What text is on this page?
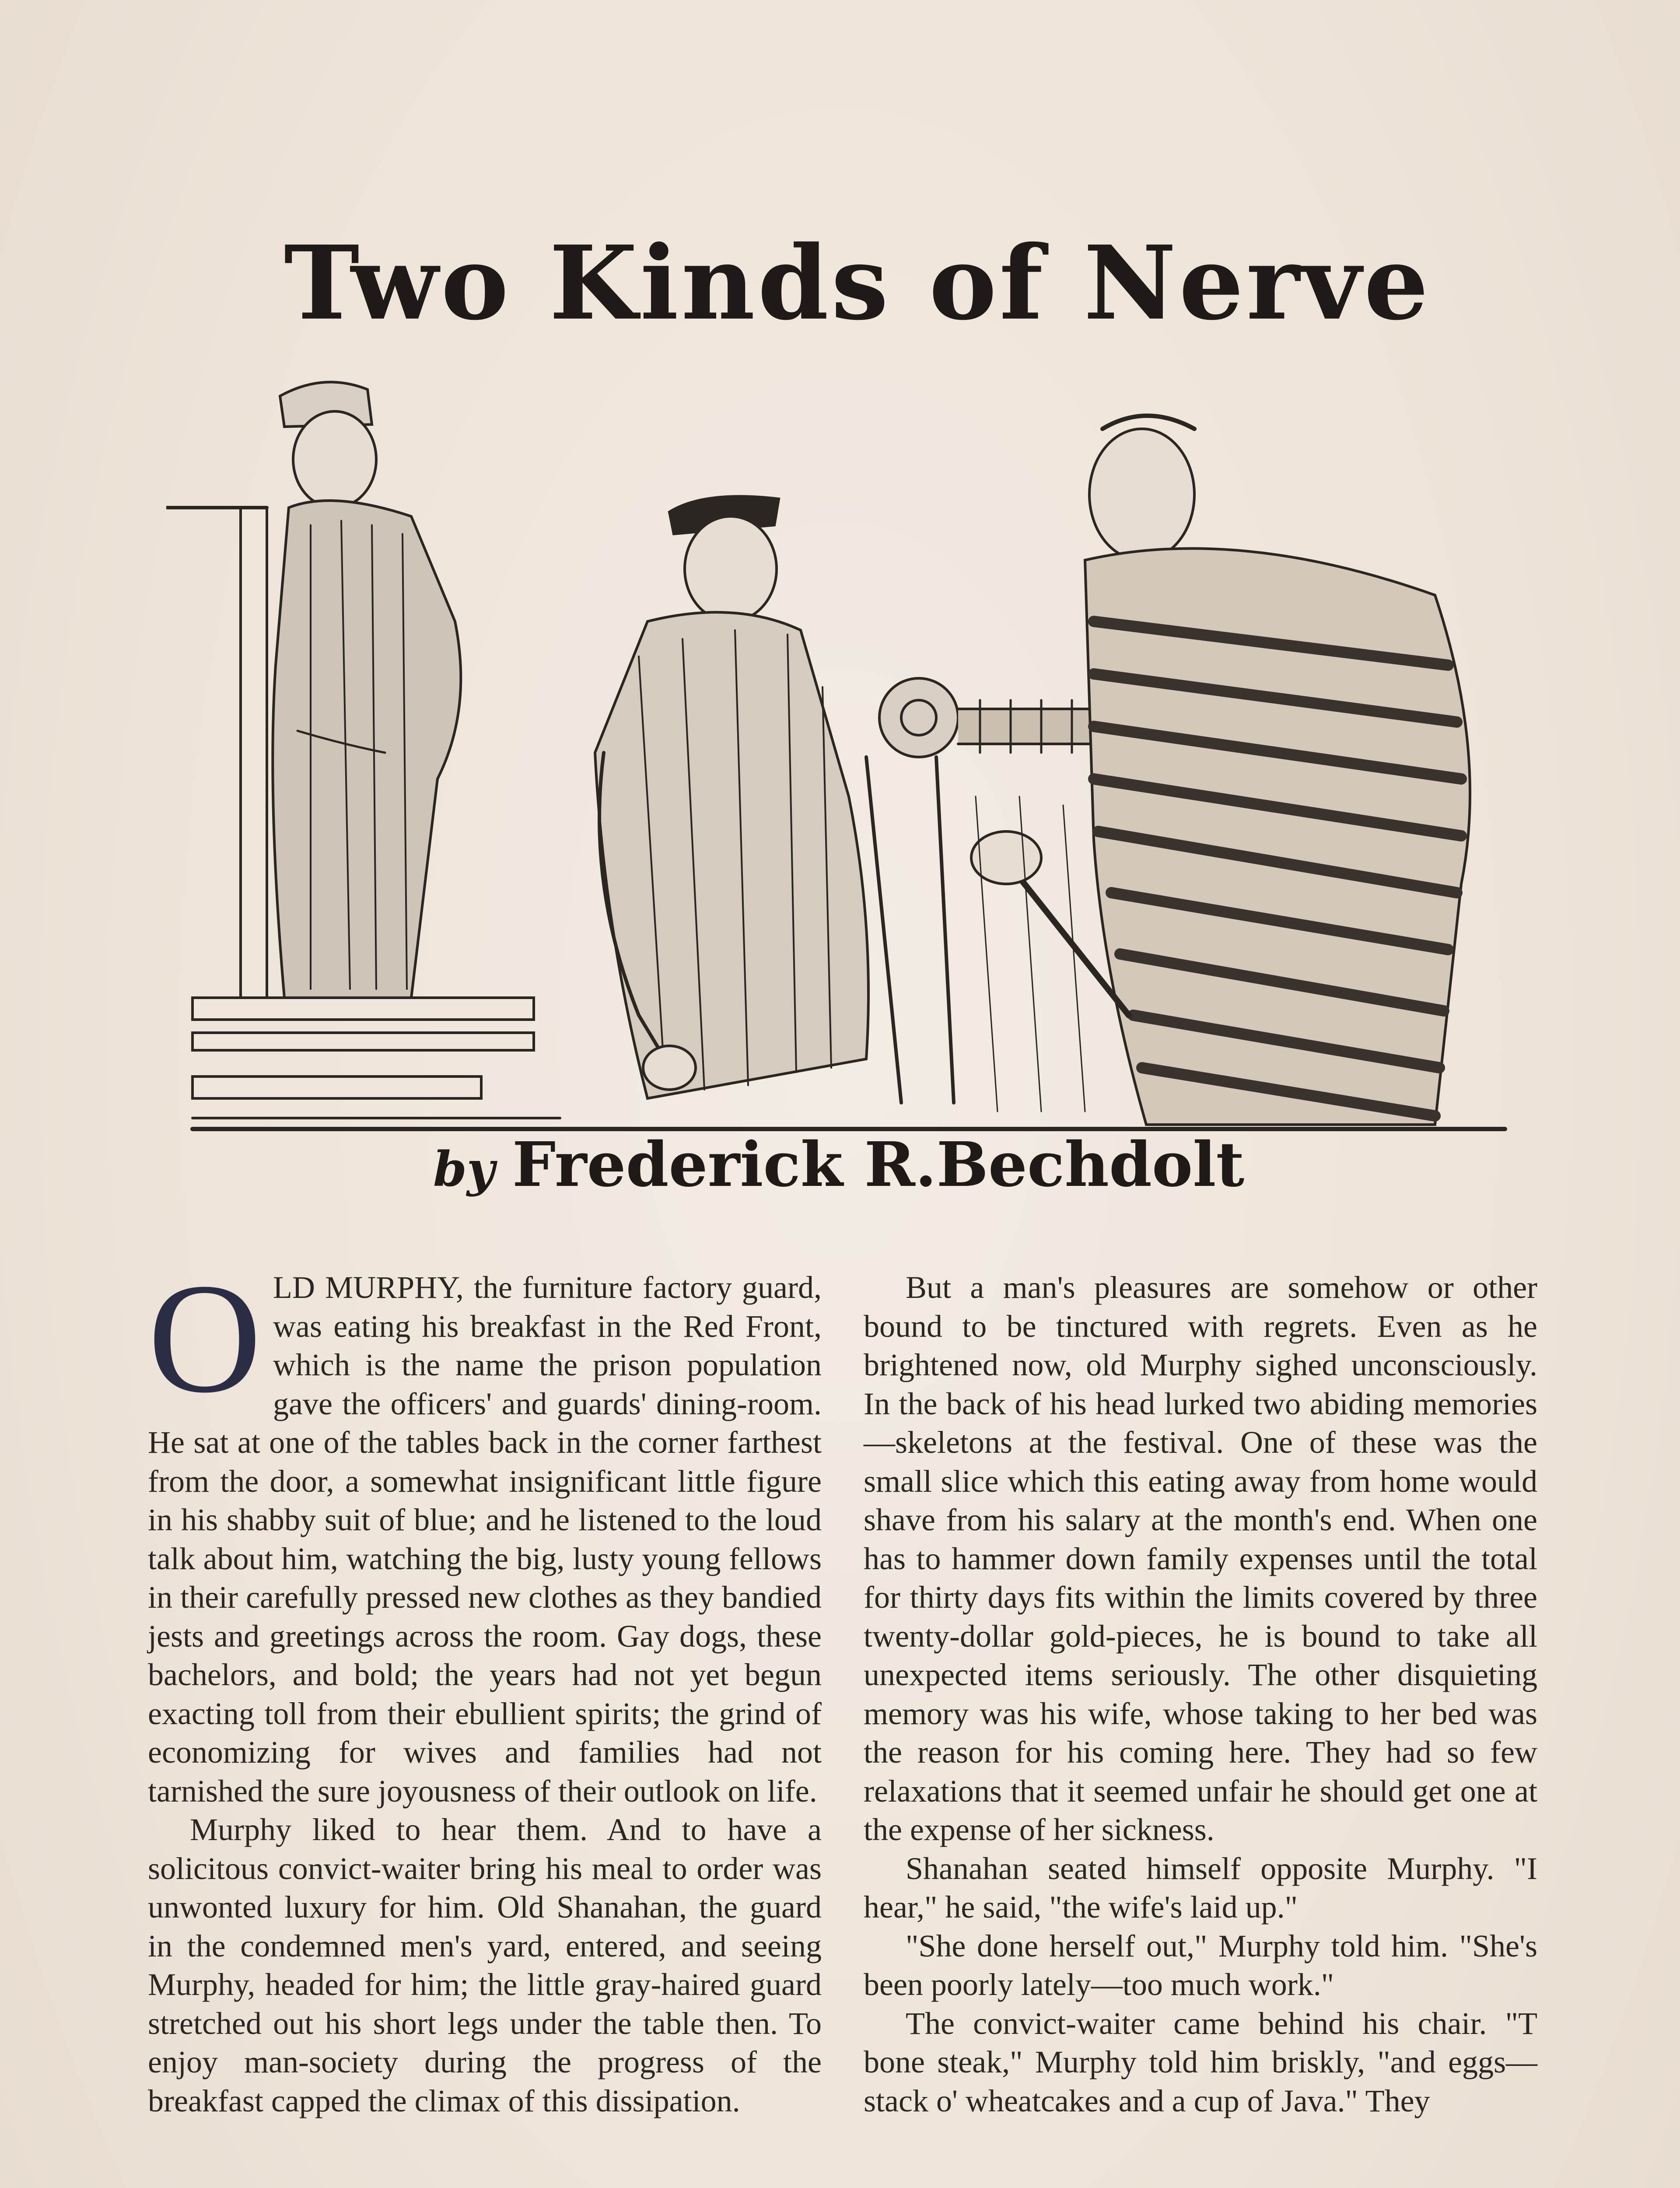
Two Kinds of Nerve
by Frederick R.Bechdolt

OLD MURPHY, the furniture factory guard, was eating his breakfast in the Red Front, which is the name the prison population gave the officers' and guards' dining-room. He sat at one of the tables back in the corner farthest from the door, a somewhat insignificant little figure in his shabby suit of blue; and he listened to the loud talk about him, watching the big, lusty young fellows in their carefully pressed new clothes as they bandied jests and greetings across the room. Gay dogs, these bachelors, and bold; the years had not yet begun exacting toll from their ebullient spirits; the grind of economizing for wives and families had not tarnished the sure joyousness of their outlook on life.

Murphy liked to hear them. And to have a solicitous convict-waiter bring his meal to order was unwonted luxury for him. Old Shanahan, the guard in the condemned men's yard, entered, and seeing Murphy, headed for him; the little gray-haired guard stretched out his short legs under the table then. To enjoy man-society during the progress of the breakfast capped the climax of this dissipation.

But a man's pleasures are somehow or other bound to be tinctured with regrets. Even as he brightened now, old Murphy sighed unconsciously. In the back of his head lurked two abiding memories—skeletons at the festival. One of these was the small slice which this eating away from home would shave from his salary at the month's end. When one has to hammer down family expenses until the total for thirty days fits within the limits covered by three twenty-dollar gold-pieces, he is bound to take all unexpected items seriously. The other disquieting memory was his wife, whose taking to her bed was the reason for his coming here. They had so few relaxations that it seemed unfair he should get one at the expense of her sickness.

Shanahan seated himself opposite Murphy. "I hear," he said, "the wife's laid up."

"She done herself out," Murphy told him. "She's been poorly lately—too much work."

The convict-waiter came behind his chair. "T bone steak," Murphy told him briskly, "and eggs—stack o' wheatcakes and a cup of Java." They
